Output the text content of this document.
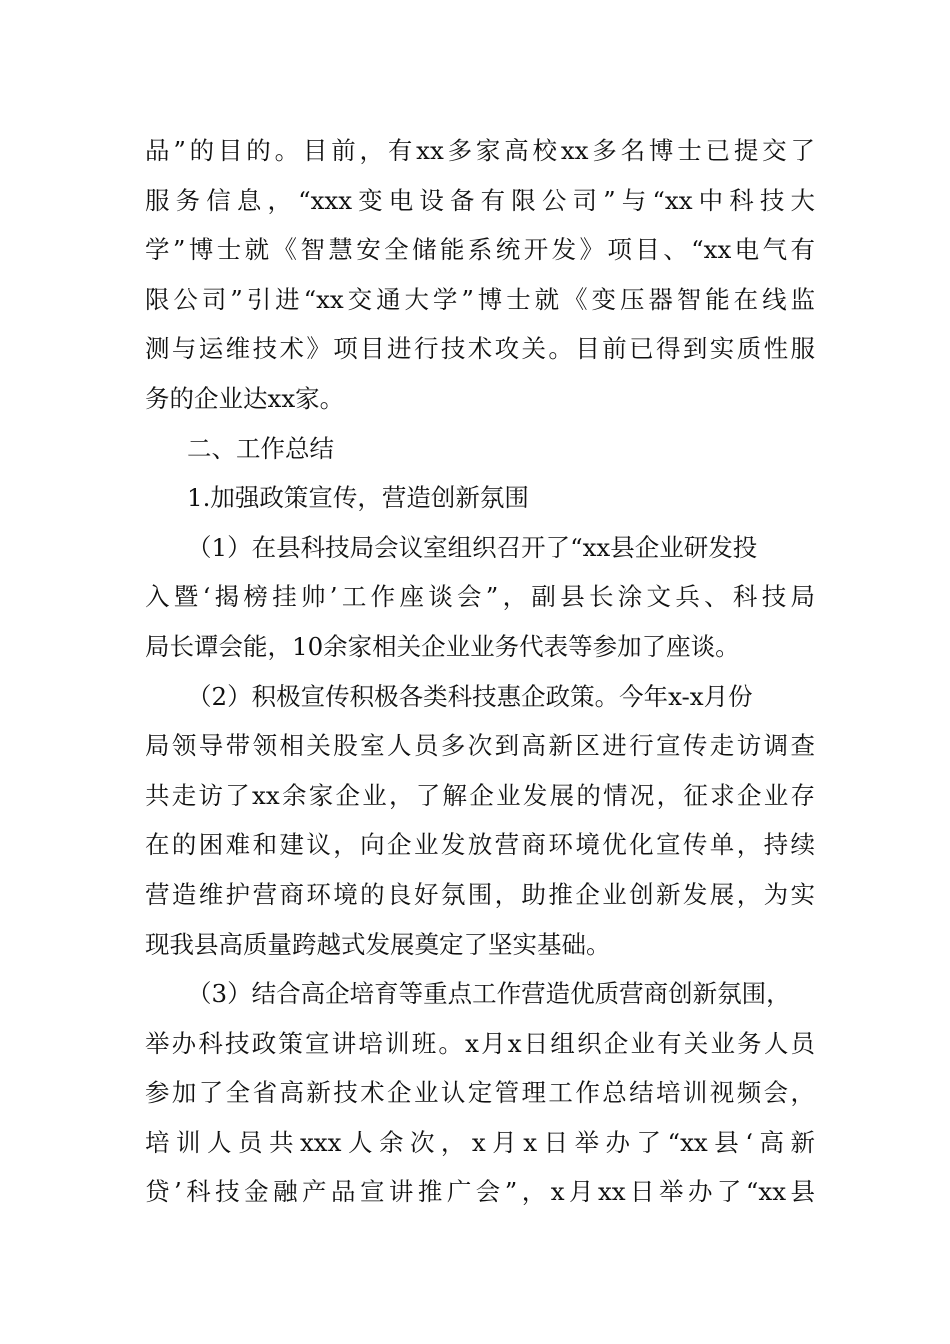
品”的目的。目前，有xx多家高校xx多名博士已提交了
服务信息，“xxx变电设备有限公司”与“xx中科技大
学”博士就《智慧安全储能系统开发》项目、“xx电气有
限公司”引进“xx交通大学”博士就《变压器智能在线监
测与运维技术》项目进行技术攻关。目前已得到实质性服
务的企业达xx家。
二、工作总结
1.加强政策宣传，营造创新氛围
（1）在县科技局会议室组织召开了“xx县企业研发投
入暨‘揭榜挂帅’工作座谈会”，副县长涂文兵、科技局
局长谭会能，10余家相关企业业务代表等参加了座谈。
（2）积极宣传积极各类科技惠企政策。今年x-x月份
局领导带领相关股室人员多次到高新区进行宣传走访调查
共走访了xx余家企业，了解企业发展的情况，征求企业存
在的困难和建议，向企业发放营商环境优化宣传单，持续
营造维护营商环境的良好氛围，助推企业创新发展，为实
现我县高质量跨越式发展奠定了坚实基础。
（3）结合高企培育等重点工作营造优质营商创新氛围，
举办科技政策宣讲培训班。x月x日组织企业有关业务人员
参加了全省高新技术企业认定管理工作总结培训视频会，
培训人员共xxx人余次，x月x日举办了“xx县‘高新
贷’科技金融产品宣讲推广会”，x月xx日举办了“xx县
